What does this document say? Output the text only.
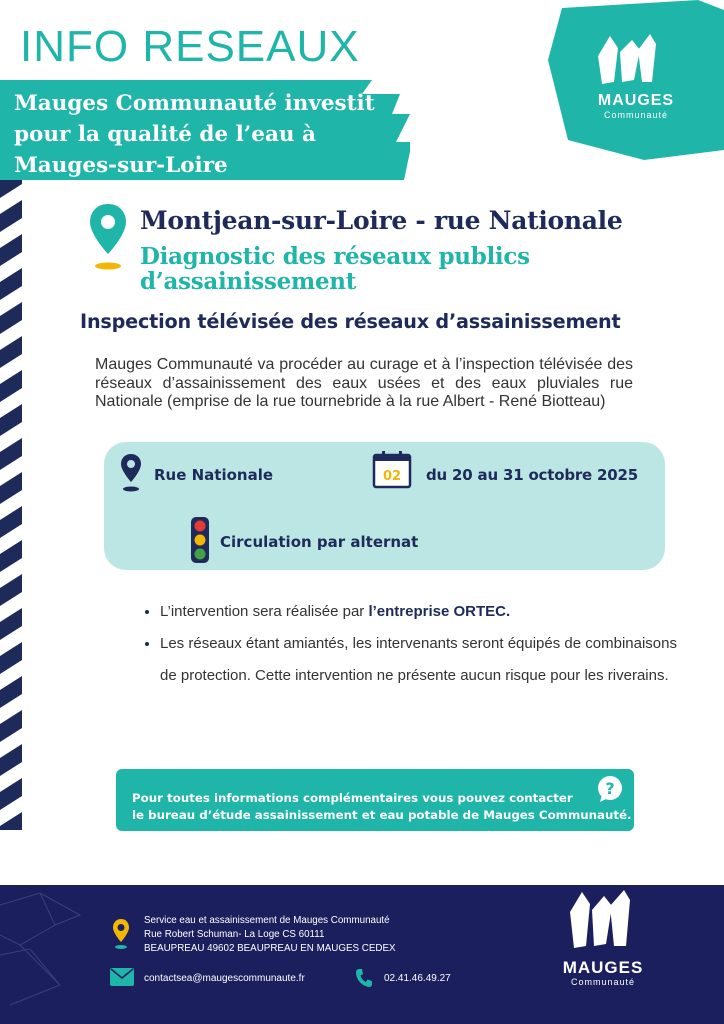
INFO RESEAUX

Mauges Communauté investit
pour la qualité de l’eau à
Mauges-sur-Loire

MAUGES
Communauté

Montjean-sur-Loire - rue Nationale

Diagnostic des réseaux publics
d’assainissement

Inspection télévisée des réseaux d’assainissement

Mauges Communauté va procéder au curage et à l’inspection télévisée des réseaux d’assainissement des eaux usées et des eaux pluviales rue Nationale (emprise de la rue tournebride à la rue Albert - René Biotteau)

Rue Nationale	02 du 20 au 31 octobre 2025
Circulation par alternat
• L’intervention sera réalisée par l’entreprise ORTEC.
• Les réseaux étant amiantés, les intervenants seront équipés de combinaisons de protection. Cette intervention ne présente aucun risque pour les riverains.

Pour toutes informations complémentaires vous pouvez contacter
le bureau d’étude assainissement et eau potable de Mauges Communauté.

?

Service eau et assainissement de Mauges Communauté
Rue Robert Schuman- La Loge CS 60111
BEAUPREAU 49602 BEAUPREAU EN MAUGES CEDEX

contactsea@maugescommunaute.fr	02.41.46.49.27
MAUGES
Communauté
